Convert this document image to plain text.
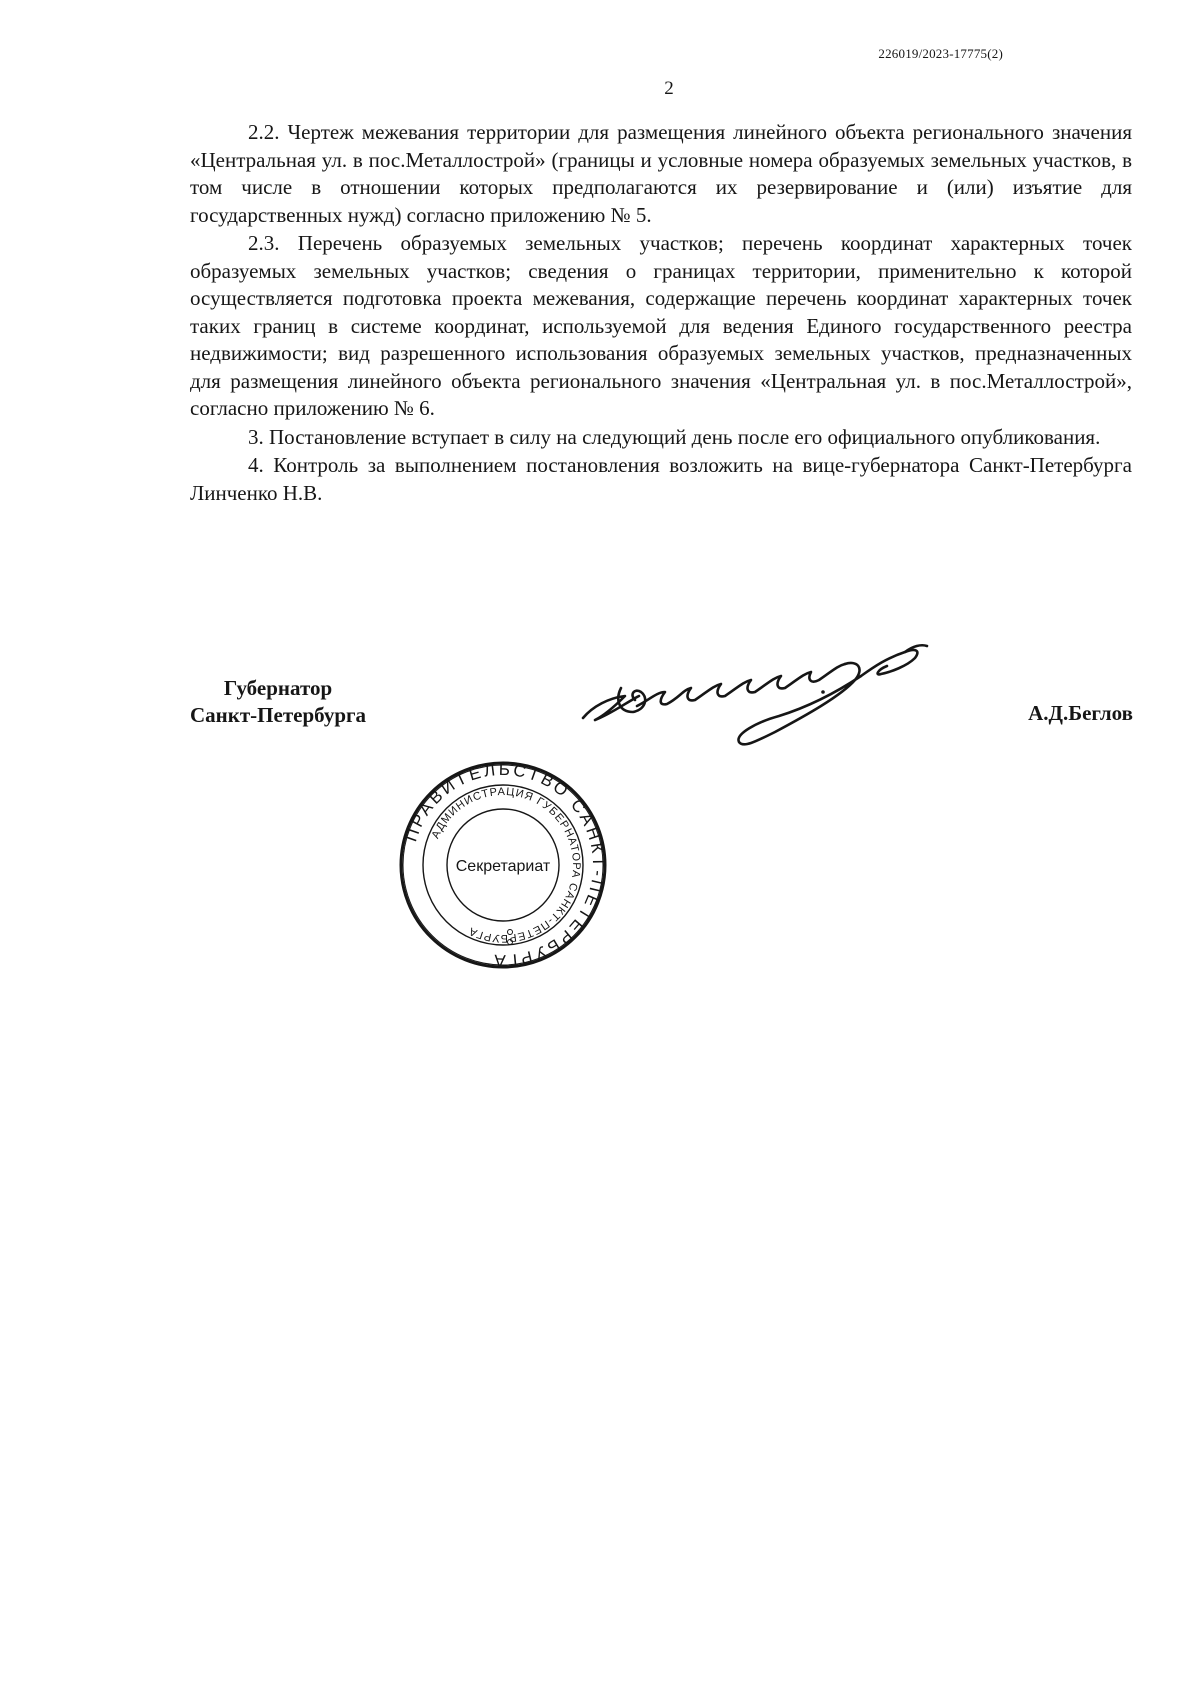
226019/2023-17775(2)
2

2.2. Чертеж межевания территории для размещения линейного объекта регионального значения «Центральная ул. в пос.Металлострой» (границы и условные номера образуемых земельных участков, в том числе в отношении которых предполагаются их резервирование и (или) изъятие для государственных нужд) согласно приложению № 5.

2.3. Перечень образуемых земельных участков; перечень координат характерных точек образуемых земельных участков; сведения о границах территории, применительно к которой осуществляется подготовка проекта межевания, содержащие перечень координат характерных точек таких границ в системе координат, используемой для ведения Единого государственного реестра недвижимости; вид разрешенного использования образуемых земельных участков, предназначенных для размещения линейного объекта регионального значения «Центральная ул. в пос.Металлострой», согласно приложению № 6.

3. Постановление вступает в силу на следующий день после его официального опубликования.

4. Контроль за выполнением постановления возложить на вице-губернатора Санкт-Петербурга Линченко Н.В.

Губернатор
Санкт-Петербурга	А.Д.Беглов
ПРАВИТЕЛЬСТВО САНКТ-ПЕТЕРБУРГА
АДМИНИСТРАЦИЯ ГУБЕРНАТОРА САНКТ-ПЕТЕРБУРГА
Секретариат
